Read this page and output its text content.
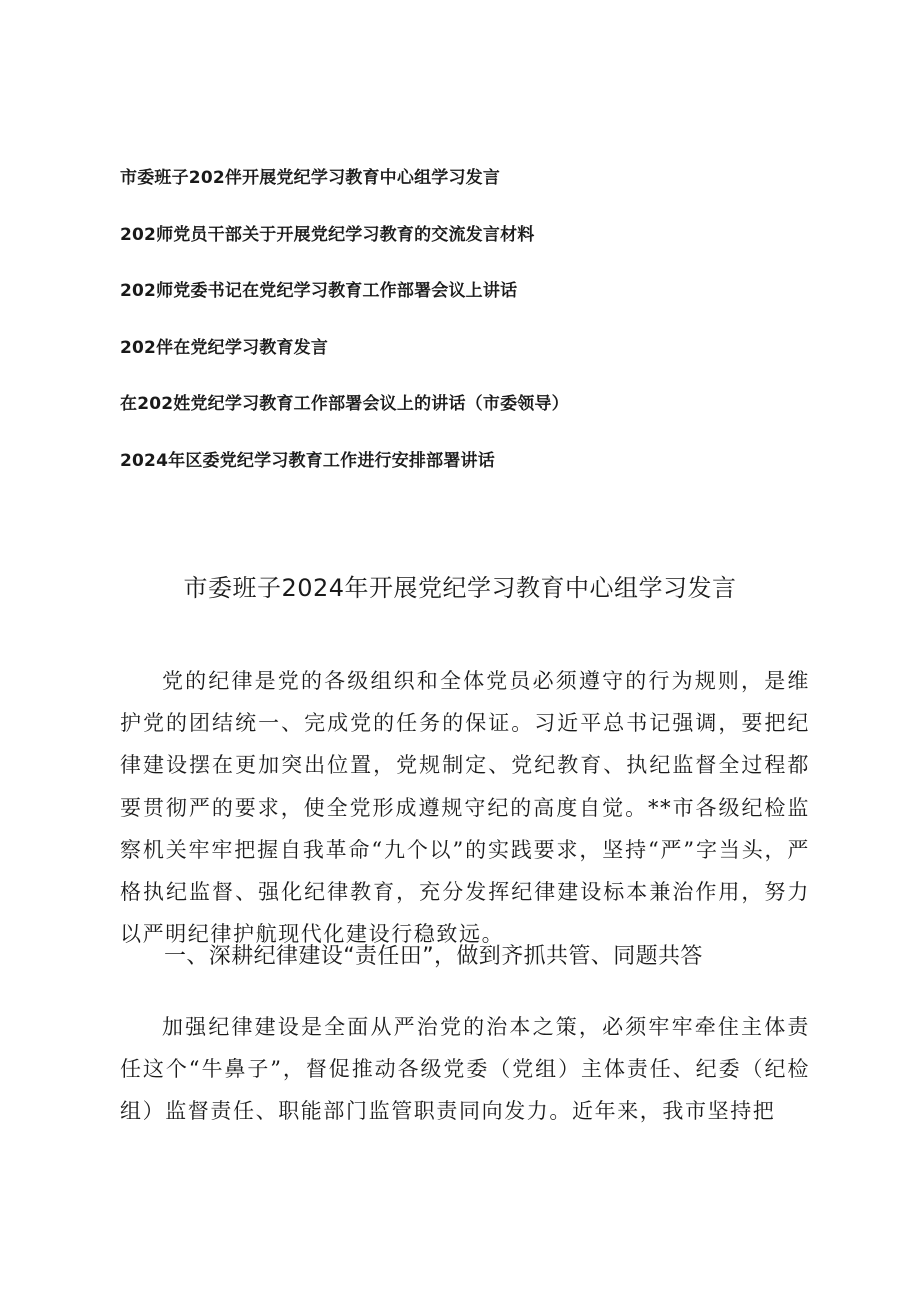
市委班子202伴开展党纪学习教育中心组学习发言
202师党员干部关于开展党纪学习教育的交流发言材料
202师党委书记在党纪学习教育工作部署会议上讲话
202伴在党纪学习教育发言
在202姓党纪学习教育工作部署会议上的讲话（市委领导）
2024年区委党纪学习教育工作进行安排部署讲话
市委班子2024年开展党纪学习教育中心组学习发言

党的纪律是党的各级组织和全体党员必须遵守的行为规则，是维护党的团结统一、完成党的任务的保证。习近平总书记强调，要把纪律建设摆在更加突出位置，党规制定、党纪教育、执纪监督全过程都要贯彻严的要求，使全党形成遵规守纪的高度自觉。**市各级纪检监察机关牢牢把握自我革命“九个以”的实践要求，坚持“严”字当头，严格执纪监督、强化纪律教育，充分发挥纪律建设标本兼治作用，努力以严明纪律护航现代化建设行稳致远。

一、深耕纪律建设“责任田”，做到齐抓共管、同题共答

加强纪律建设是全面从严治党的治本之策，必须牢牢牵住主体责任这个“牛鼻子”，督促推动各级党委（党组）主体责任、纪委（纪检组）监督责任、职能部门监管职责同向发力。近年来，我市坚持把
